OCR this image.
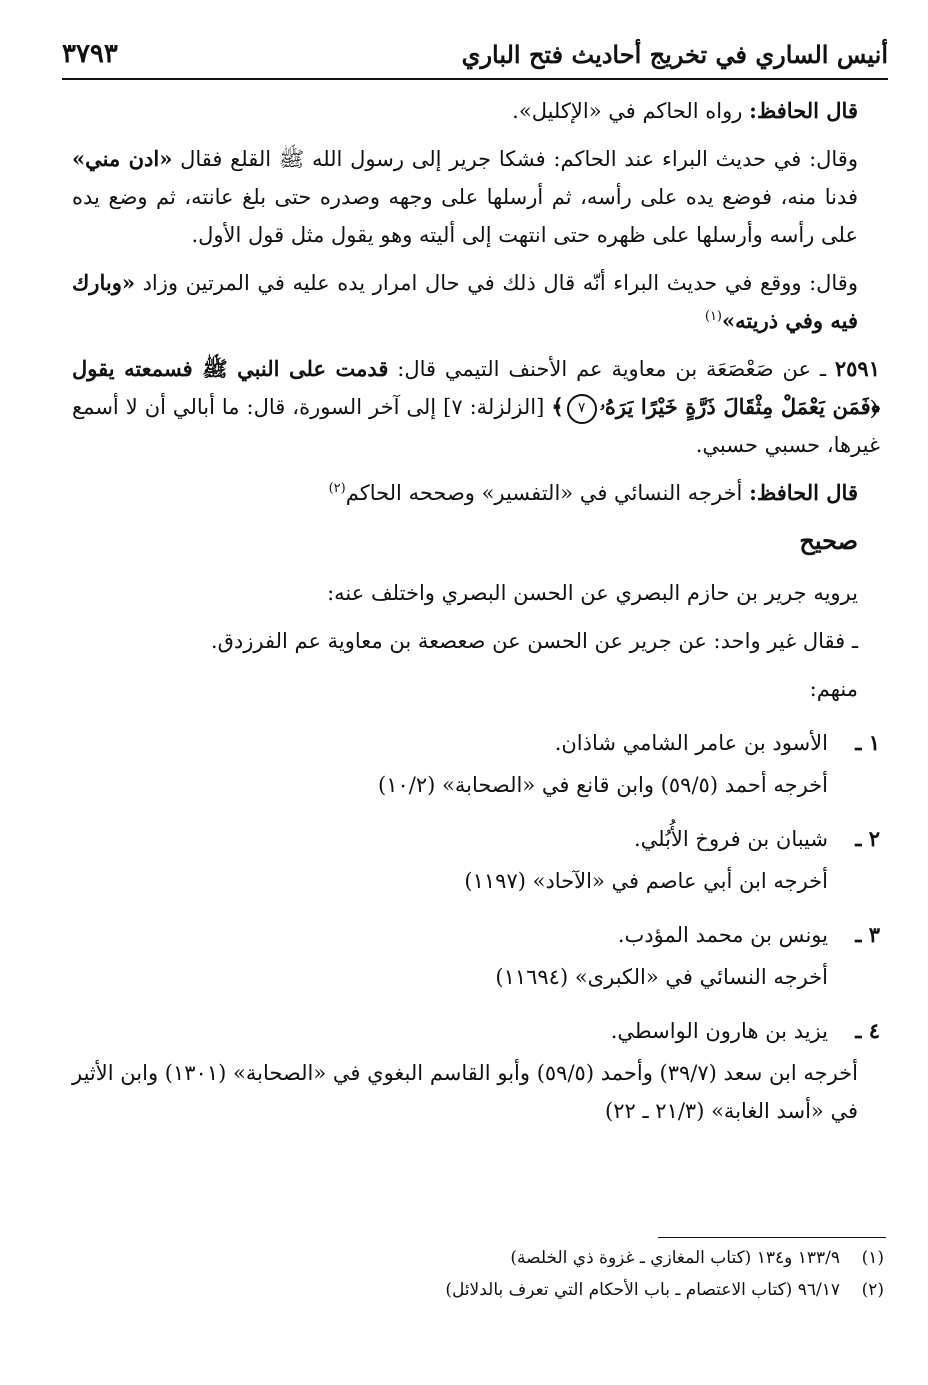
أنيس الساري في تخريج أحاديث فتح الباري
٣٧٩٣

قال الحافظ: رواه الحاكم في «الإكليل».

وقال: في حديث البراء عند الحاكم: فشكا جرير إلى رسول الله ﷺ القلع فقال «ادن مني» فدنا منه، فوضع يده على رأسه، ثم أرسلها على وجهه وصدره حتى بلغ عانته، ثم وضع يده على رأسه وأرسلها على ظهره حتى انتهت إلى أليته وهو يقول مثل قول الأول.

وقال: ووقع في حديث البراء أنّه قال ذلك في حال امرار يده عليه في المرتين وزاد «وبارك فيه وفي ذريته»$^{(١)}$

٢٥٩١ ـ عن صَعْصَعَة بن معاوية عم الأحنف التيمي قال: قدمت على النبي ﷺ فسمعته يقول ﴿فَمَن يَعْمَلْ مِثْقَالَ ذَرَّةٍ خَيْرًا يَرَهُۥ٧﴾ [الزلزلة: ٧] إلى آخر السورة، قال: ما أبالي أن لا أسمع غيرها، حسبي حسبي.

قال الحافظ: أخرجه النسائي في «التفسير» وصححه الحاكم$^{(٢)}$

صحيح

يرويه جرير بن حازم البصري عن الحسن البصري واختلف عنه:

ـ فقال غير واحد: عن جرير عن الحسن عن صعصعة بن معاوية عم الفرزدق.

منهم:

١ ـ
الأسود بن عامر الشامي شاذان.
أخرجه أحمد (٥٩/٥) وابن قانع في «الصحابة» (١٠/٢)
٢ ـ
شيبان بن فروخ الأُبُلي.
أخرجه ابن أبي عاصم في «الآحاد» (١١٩٧)
٣ ـ
يونس بن محمد المؤدب.
أخرجه النسائي في «الكبرى» (١١٦٩٤)
٤ ـ
يزيد بن هارون الواسطي.

أخرجه ابن سعد (٣٩/٧) وأحمد (٥٩/٥) وأبو القاسم البغوي في «الصحابة» (١٣٠١) وابن الأثير في «أسد الغابة» (٢١/٣ ـ ٢٢)

(١)
١٣٣/٩ و١٣٤ (كتاب المغازي ـ غزوة ذي الخلصة)
(٢)
٩٦/١٧ (كتاب الاعتصام ـ باب الأحكام التي تعرف بالدلائل)
